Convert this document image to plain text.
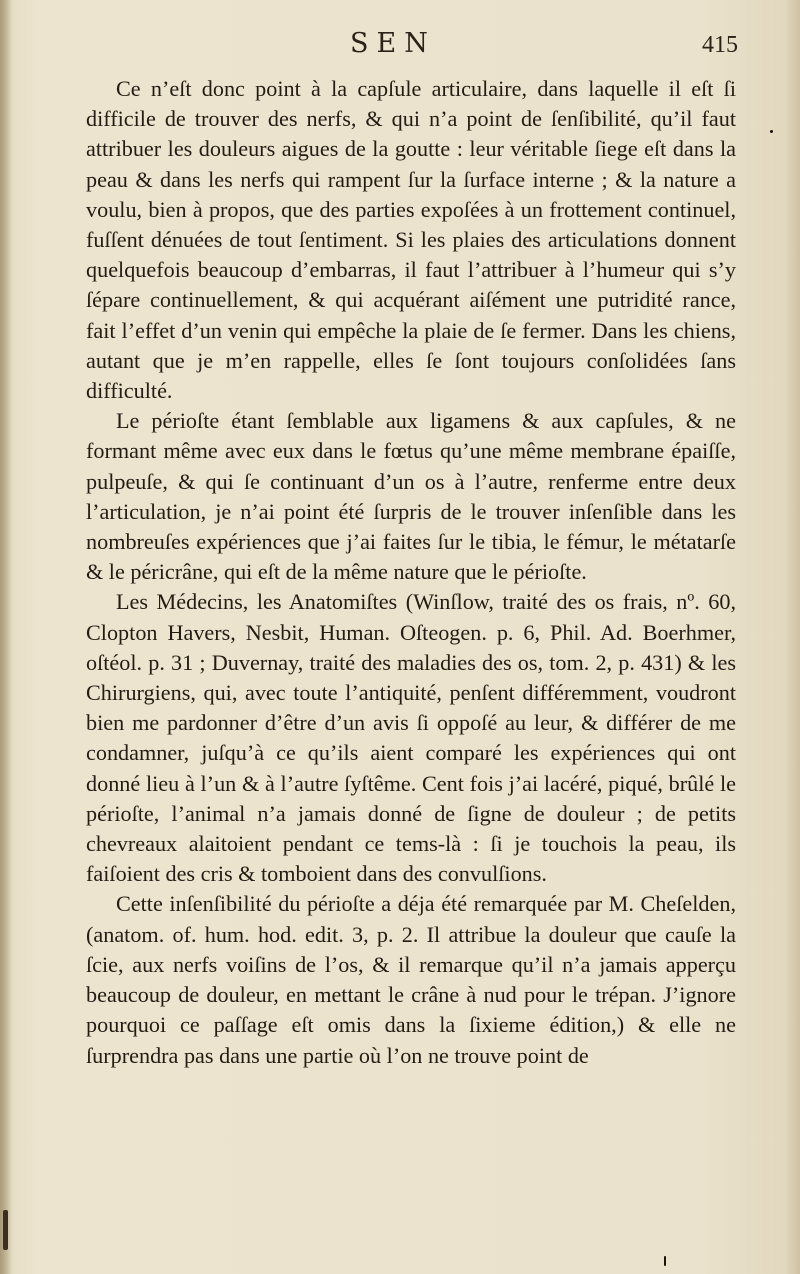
SEN	415

Ce n’eſt donc point à la capſule articulaire, dans laquelle il eſt ſi difficile de trouver des nerfs, & qui n’a point de ſenſibilité, qu’il faut attribuer les douleurs aigues de la goutte : leur véritable ſiege eſt dans la peau & dans les nerfs qui rampent ſur la ſurface interne ; & la nature a voulu, bien à propos, que des parties expoſées à un frottement continuel, fuſſent dénuées de tout ſentiment. Si les plaies des articulations donnent quelquefois beaucoup d’embarras, il faut l’attribuer à l’humeur qui s’y ſépare continuellement, & qui acquérant aiſément une putridité rance, fait l’effet d’un venin qui empêche la plaie de ſe fermer. Dans les chiens, autant que je m’en rappelle, elles ſe ſont toujours conſolidées ſans difficulté.

Le périoſte étant ſemblable aux ligamens & aux capſules, & ne formant même avec eux dans le fœtus qu’une même membrane épaiſſe, pulpeuſe, & qui ſe continuant d’un os à l’autre, renferme entre deux l’articulation, je n’ai point été ſurpris de le trouver inſenſible dans les nombreuſes expériences que j’ai faites ſur le tibia, le fémur, le métatarſe & le péricrâne, qui eſt de la même nature que le périoſte.

Les Médecins, les Anatomiſtes (Winſlow, traité des os frais, nº. 60, Clopton Havers, Nesbit, Human. Oſteogen. p. 6, Phil. Ad. Boerhmer, oſtéol. p. 31 ; Duvernay, traité des maladies des os, tom. 2, p. 431) & les Chirurgiens, qui, avec toute l’antiquité, penſent différemment, voudront bien me pardonner d’être d’un avis ſi oppoſé au leur, & différer de me condamner, juſqu’à ce qu’ils aient comparé les expériences qui ont donné lieu à l’un & à l’autre ſyſtême. Cent fois j’ai lacéré, piqué, brûlé le périoſte, l’animal n’a jamais donné de ſigne de douleur ; de petits chevreaux alaitoient pendant ce tems-là : ſi je touchois la peau, ils faiſoient des cris & tomboient dans des convulſions.

Cette inſenſibilité du périoſte a déja été remarquée par M. Cheſelden, (anatom. of. hum. hod. edit. 3, p. 2. Il attribue la douleur que cauſe la ſcie, aux nerfs voiſins de l’os, & il remarque qu’il n’a jamais apperçu beaucoup de douleur, en mettant le crâne à nud pour le trépan. J’ignore pourquoi ce paſſage eſt omis dans la ſixieme édition,) & elle ne ſurprendra pas dans une partie où l’on ne trouve point de
